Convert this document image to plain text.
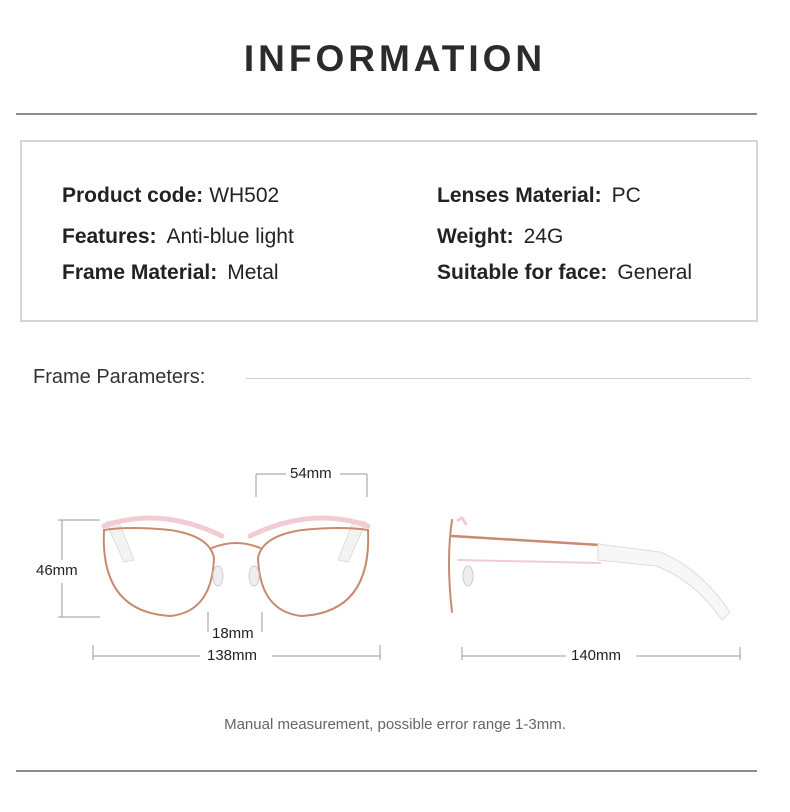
INFORMATION
Product code: WH502	Lenses Material: PC
Features: Anti-blue light	Weight: 24G
Frame Material: Metal	Suitable for face: General
Frame Parameters:
54mm
46mm
18mm
138mm	140mm
Manual measurement, possible error range 1-3mm.
